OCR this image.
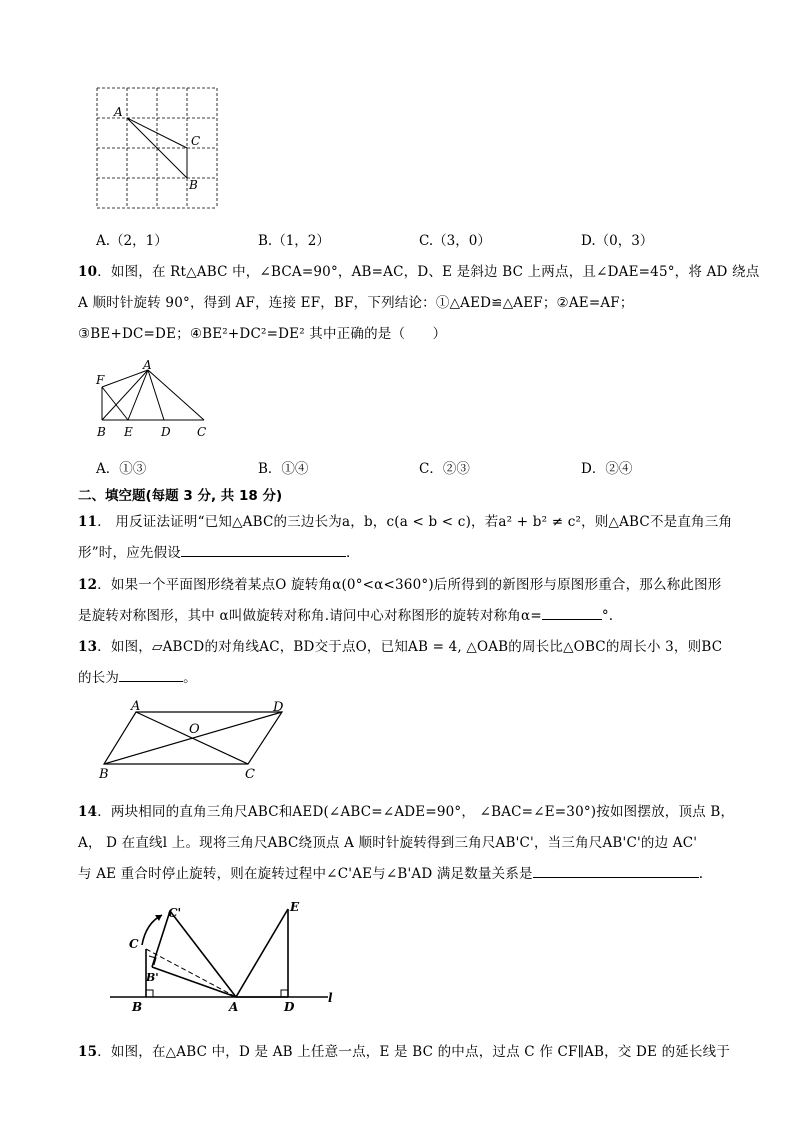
A
C
B
A.（2，1）	B.（1，2）	C.（3，0）	D.（0，3）
10．如图，在 Rt△ABC 中，∠BCA=90°，AB=AC，D、E 是斜边 BC 上两点，且∠DAE=45°，将 AD 绕点
A 顺时针旋转 90°，得到 AF，连接 EF，BF，下列结论：①△AED≌△AEF；②AE=AF；
③BE+DC=DE；④BE²+DC²=DE² 其中正确的是（　　）
F
A
B E D C
A．①③	B．①④	C．②③	D．②④
二、填空题(每题 3 分, 共 18 分)
11． 用反证法证明“已知△ABC的三边长为a，b，c(a < b < c)，若a² + b² ≠ c²，则△ABC不是直角三角
形”时，应先假设	．
12．如果一个平面图形绕着某点O 旋转角α(0°<α<360°)后所得到的新图形与原图形重合，那么称此图形
是旋转对称图形，其中 α叫做旋转对称角.请问中心对称图形的旋转对称角α=	°.
13．如图，▱ABCD的对角线AC，BD交于点O，已知AB = 4, △OAB的周长比△OBC的周长小 3，则BC
的长为	。
A	D
O
B	C
14．两块相同的直角三角尺ABC和AED(∠ABC=∠ADE=90°， ∠BAC=∠E=30°)按如图摆放，顶点 B，
A， D 在直线l 上。现将三角尺ABC绕顶点 A 顺时针旋转得到三角尺AB'C'，当三角尺AB'C'的边 AC'
与 AE 重合时停止旋转，则在旋转过程中∠C'AE与∠B'AD 满足数量关系是	.
C'	E
C
B'
B	A	D
l
15．如图，在△ABC 中，D 是 AB 上任意一点，E 是 BC 的中点，过点 C 作 CF∥AB，交 DE 的延长线于
